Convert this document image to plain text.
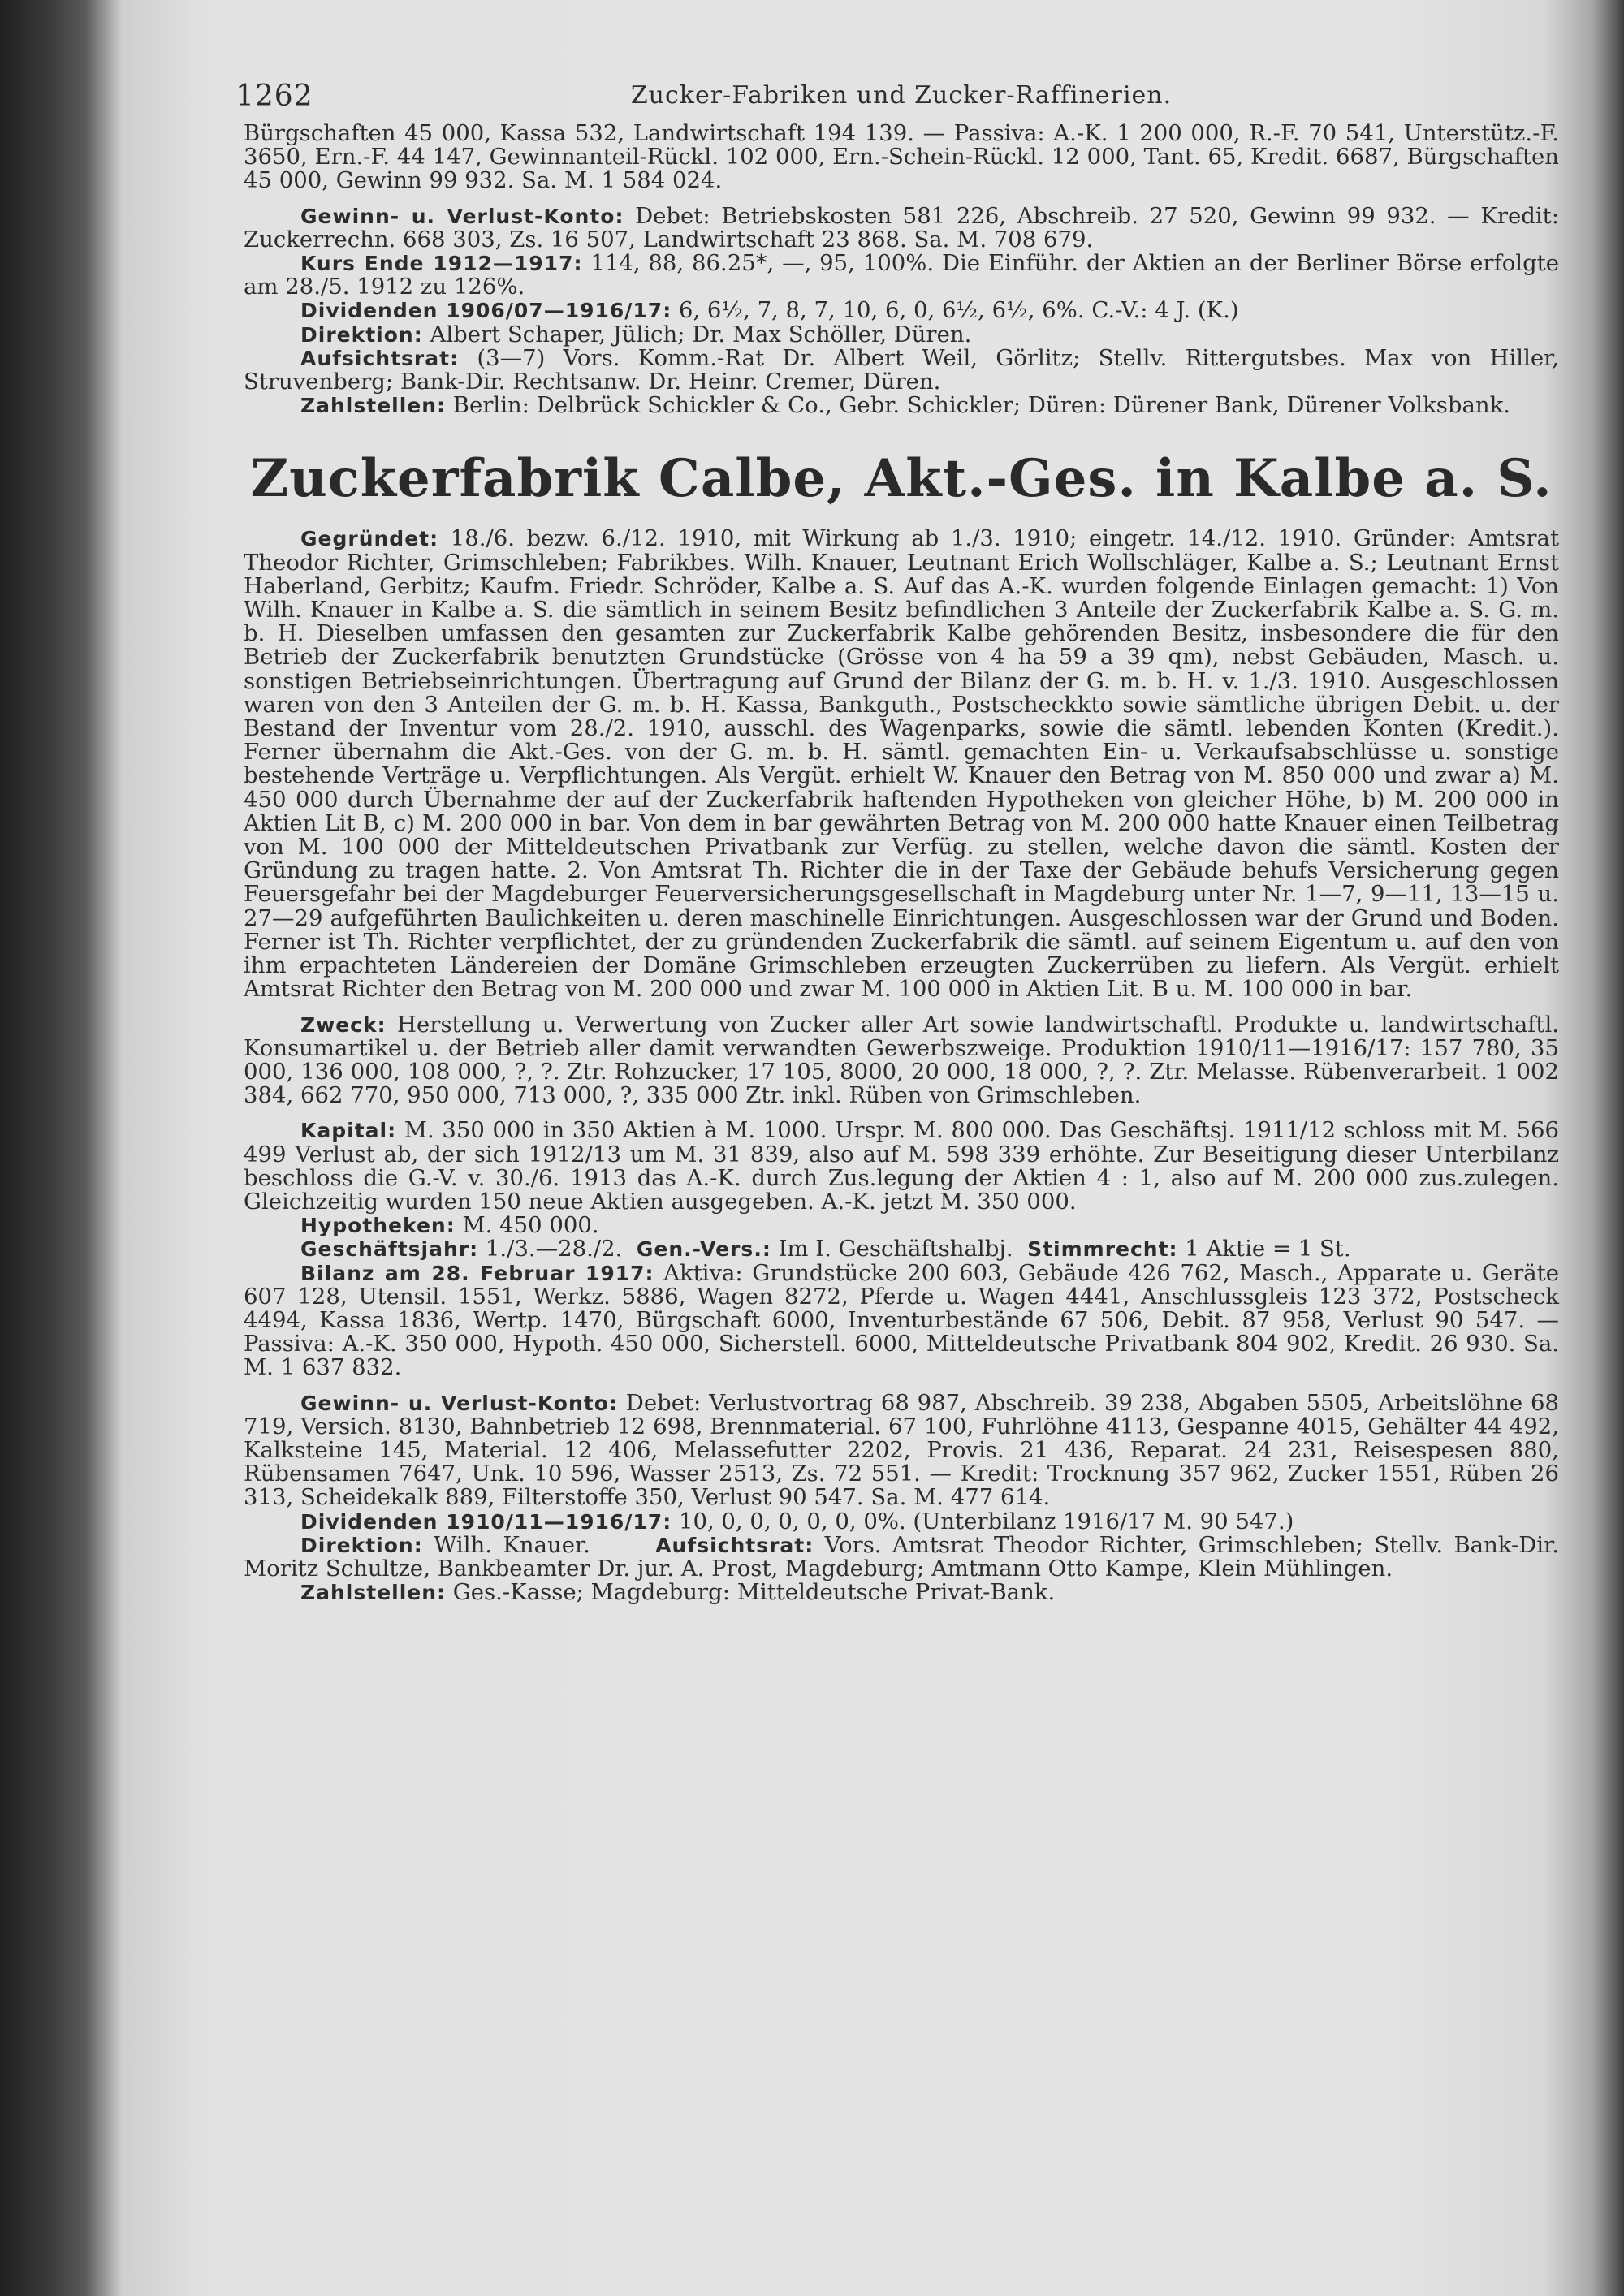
1262	Zucker-Fabriken und Zucker-Raffinerien.

Bürgschaften 45 000, Kassa 532, Landwirtschaft 194 139. — Passiva: A.-K. 1 200 000, R.-F. 70 541, Unterstütz.-F. 3650, Ern.-F. 44 147, Gewinnanteil-Rückl. 102 000, Ern.-Schein-Rückl. 12 000, Tant. 65, Kredit. 6687, Bürgschaften 45 000, Gewinn 99 932. Sa. M. 1 584 024.

Gewinn- u. Verlust-Konto: Debet: Betriebskosten 581 226, Abschreib. 27 520, Gewinn 99 932. — Kredit: Zuckerrechn. 668 303, Zs. 16 507, Landwirtschaft 23 868. Sa. M. 708 679.

Kurs Ende 1912—1917: 114, 88, 86.25*, —, 95, 100%. Die Einführ. der Aktien an der Berliner Börse erfolgte am 28./5. 1912 zu 126%.

Dividenden 1906/07—1916/17: 6, 6½, 7, 8, 7, 10, 6, 0, 6½, 6½, 6%. C.-V.: 4 J. (K.)

Direktion: Albert Schaper, Jülich; Dr. Max Schöller, Düren.

Aufsichtsrat: (3—7) Vors. Komm.-Rat Dr. Albert Weil, Görlitz; Stellv. Rittergutsbes. Max von Hiller, Struvenberg; Bank-Dir. Rechtsanw. Dr. Heinr. Cremer, Düren.

Zahlstellen: Berlin: Delbrück Schickler & Co., Gebr. Schickler; Düren: Dürener Bank, Dürener Volksbank.

Zuckerfabrik Calbe, Akt.-Ges. in Kalbe a. S.

Gegründet: 18./6. bezw. 6./12. 1910, mit Wirkung ab 1./3. 1910; eingetr. 14./12. 1910. Gründer: Amtsrat Theodor Richter, Grimschleben; Fabrikbes. Wilh. Knauer, Leutnant Erich Wollschläger, Kalbe a. S.; Leutnant Ernst Haberland, Gerbitz; Kaufm. Friedr. Schröder, Kalbe a. S. Auf das A.-K. wurden folgende Einlagen gemacht: 1) Von Wilh. Knauer in Kalbe a. S. die sämtlich in seinem Besitz befindlichen 3 Anteile der Zuckerfabrik Kalbe a. S. G. m. b. H. Dieselben umfassen den gesamten zur Zuckerfabrik Kalbe gehörenden Besitz, insbesondere die für den Betrieb der Zuckerfabrik benutzten Grundstücke (Grösse von 4 ha 59 a 39 qm), nebst Gebäuden, Masch. u. sonstigen Betriebseinrichtungen. Übertragung auf Grund der Bilanz der G. m. b. H. v. 1./3. 1910. Ausgeschlossen waren von den 3 Anteilen der G. m. b. H. Kassa, Bankguth., Postscheckkto sowie sämtliche übrigen Debit. u. der Bestand der Inventur vom 28./2. 1910, ausschl. des Wagenparks, sowie die sämtl. lebenden Konten (Kredit.). Ferner übernahm die Akt.-Ges. von der G. m. b. H. sämtl. gemachten Ein- u. Verkaufsabschlüsse u. sonstige bestehende Verträge u. Verpflichtungen. Als Vergüt. erhielt W. Knauer den Betrag von M. 850 000 und zwar a) M. 450 000 durch Übernahme der auf der Zuckerfabrik haftenden Hypotheken von gleicher Höhe, b) M. 200 000 in Aktien Lit B, c) M. 200 000 in bar. Von dem in bar gewährten Betrag von M. 200 000 hatte Knauer einen Teilbetrag von M. 100 000 der Mitteldeutschen Privatbank zur Verfüg. zu stellen, welche davon die sämtl. Kosten der Gründung zu tragen hatte. 2. Von Amtsrat Th. Richter die in der Taxe der Gebäude behufs Versicherung gegen Feuersgefahr bei der Magdeburger Feuerversicherungsgesellschaft in Magdeburg unter Nr. 1—7, 9—11, 13—15 u. 27—29 aufgeführten Baulichkeiten u. deren maschinelle Einrichtungen. Ausgeschlossen war der Grund und Boden. Ferner ist Th. Richter verpflichtet, der zu gründenden Zuckerfabrik die sämtl. auf seinem Eigentum u. auf den von ihm erpachteten Ländereien der Domäne Grimschleben erzeugten Zuckerrüben zu liefern. Als Vergüt. erhielt Amtsrat Richter den Betrag von M. 200 000 und zwar M. 100 000 in Aktien Lit. B u. M. 100 000 in bar.

Zweck: Herstellung u. Verwertung von Zucker aller Art sowie landwirtschaftl. Produkte u. landwirtschaftl. Konsumartikel u. der Betrieb aller damit verwandten Gewerbszweige. Produktion 1910/11—1916/17: 157 780, 35 000, 136 000, 108 000, ?, ?. Ztr. Rohzucker, 17 105, 8000, 20 000, 18 000, ?, ?. Ztr. Melasse. Rübenverarbeit. 1 002 384, 662 770, 950 000, 713 000, ?, 335 000 Ztr. inkl. Rüben von Grimschleben.

Kapital: M. 350 000 in 350 Aktien à M. 1000. Urspr. M. 800 000. Das Geschäftsj. 1911/12 schloss mit M. 566 499 Verlust ab, der sich 1912/13 um M. 31 839, also auf M. 598 339 erhöhte. Zur Beseitigung dieser Unterbilanz beschloss die G.-V. v. 30./6. 1913 das A.-K. durch Zus.legung der Aktien 4 : 1, also auf M. 200 000 zus.zulegen. Gleichzeitig wurden 150 neue Aktien ausgegeben. A.-K. jetzt M. 350 000.

Hypotheken: M. 450 000.

Geschäftsjahr: 1./3.—28./2. Gen.-Vers.: Im I. Geschäftshalbj. Stimmrecht: 1 Aktie = 1 St.

Bilanz am 28. Februar 1917: Aktiva: Grundstücke 200 603, Gebäude 426 762, Masch., Apparate u. Geräte 607 128, Utensil. 1551, Werkz. 5886, Wagen 8272, Pferde u. Wagen 4441, Anschlussgleis 123 372, Postscheck 4494, Kassa 1836, Wertp. 1470, Bürgschaft 6000, Inventurbestände 67 506, Debit. 87 958, Verlust 90 547. — Passiva: A.-K. 350 000, Hypoth. 450 000, Sicherstell. 6000, Mitteldeutsche Privatbank 804 902, Kredit. 26 930. Sa. M. 1 637 832.

Gewinn- u. Verlust-Konto: Debet: Verlustvortrag 68 987, Abschreib. 39 238, Abgaben 5505, Arbeitslöhne 68 719, Versich. 8130, Bahnbetrieb 12 698, Brennmaterial. 67 100, Fuhrlöhne 4113, Gespanne 4015, Gehälter 44 492, Kalksteine 145, Material. 12 406, Melassefutter 2202, Provis. 21 436, Reparat. 24 231, Reisespesen 880, Rübensamen 7647, Unk. 10 596, Wasser 2513, Zs. 72 551. — Kredit: Trocknung 357 962, Zucker 1551, Rüben 26 313, Scheidekalk 889, Filterstoffe 350, Verlust 90 547. Sa. M. 477 614.

Dividenden 1910/11—1916/17: 10, 0, 0, 0, 0, 0, 0%. (Unterbilanz 1916/17 M. 90 547.)

Direktion: Wilh. Knauer.	Aufsichtsrat: Vors. Amtsrat Theodor Richter, Grimschleben; Stellv. Bank-Dir. Moritz Schultze, Bankbeamter Dr. jur. A. Prost, Magdeburg; Amtmann Otto Kampe, Klein Mühlingen.

Zahlstellen: Ges.-Kasse; Magdeburg: Mitteldeutsche Privat-Bank.
